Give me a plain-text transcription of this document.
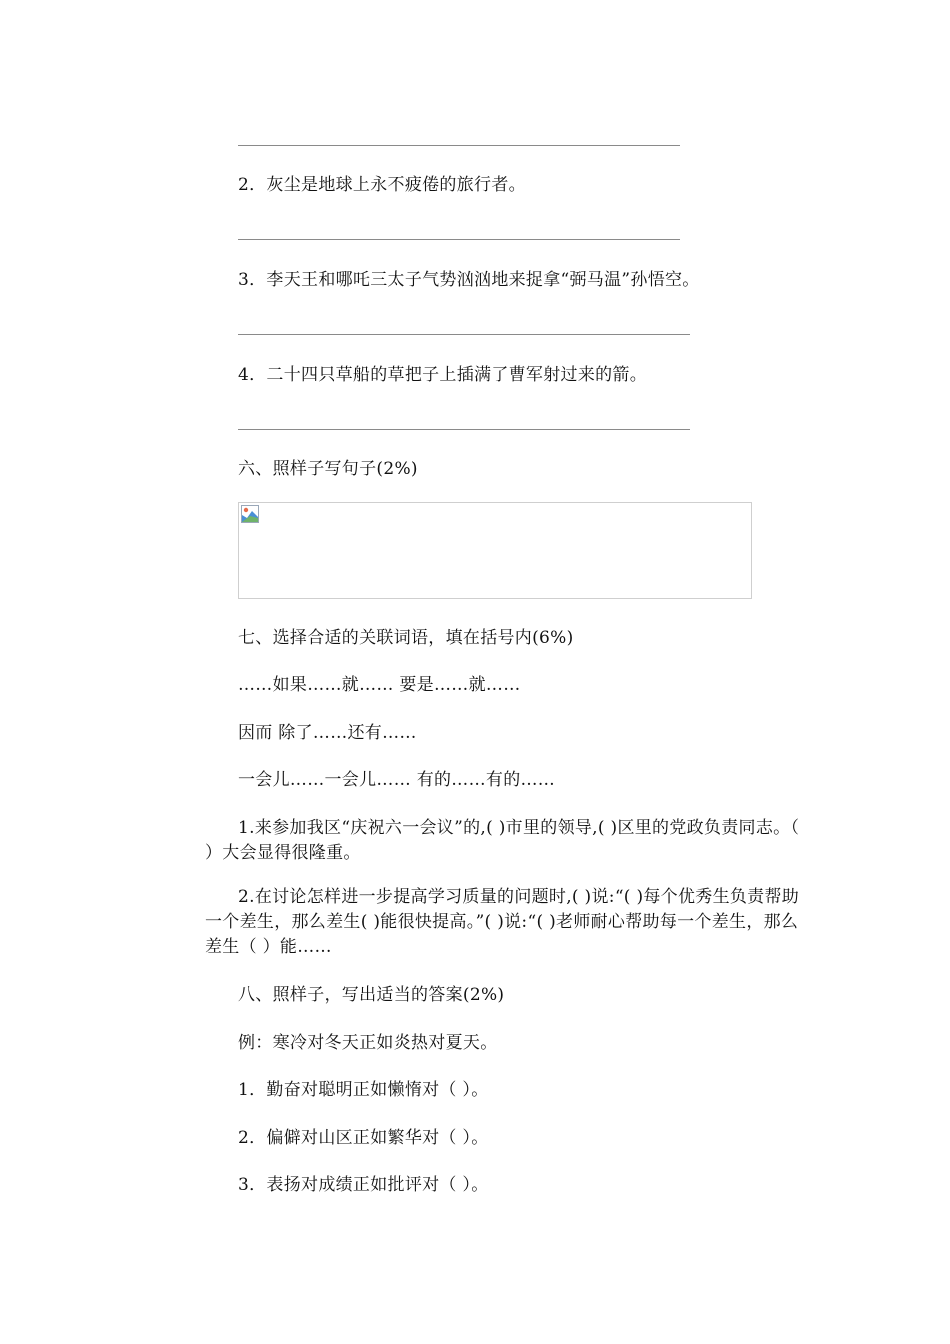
2．灰尘是地球上永不疲倦的旅行者。
3．李天王和哪吒三太子气势汹汹地来捉拿“弼马温”孙悟空。
4．二十四只草船的草把子上插满了曹军射过来的箭。
六、照样子写句子(2%)
七、选择合适的关联词语，填在括号内(6%)
……如果……就…… 要是……就……
因而 除了……还有……
一会儿……一会儿…… 有的……有的……
1.来参加我区“庆祝六一会议”的,( )市里的领导,( )区里的党政负责同志。（ ）大会显得很隆重。
2.在讨论怎样进一步提高学习质量的问题时,( )说:“( )每个优秀生负责帮助一个差生，那么差生( )能很快提高。”( )说:“( )老师耐心帮助每一个差生，那么差生（ ）能……
八、照样子，写出适当的答案(2%)
例：寒冷对冬天正如炎热对夏天。
1．勤奋对聪明正如懒惰对（ ）。
2．偏僻对山区正如繁华对（ ）。
3．表扬对成绩正如批评对（ ）。
